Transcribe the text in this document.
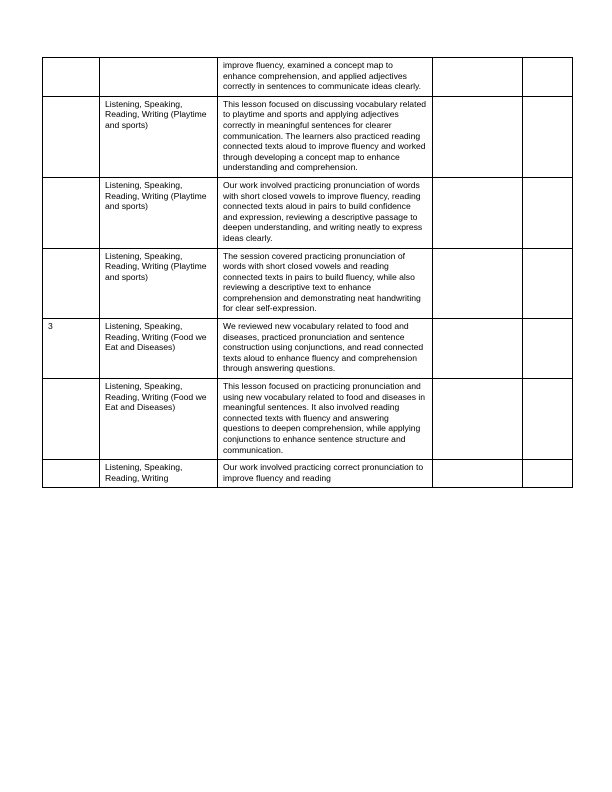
		improve fluency, examined a concept map to enhance comprehension, and applied adjectives correctly in sentences to communicate ideas clearly.		
	Listening, Speaking, Reading, Writing (Playtime and sports)	This lesson focused on discussing vocabulary related to playtime and sports and applying adjectives correctly in meaningful sentences for clearer communication. The learners also practiced reading connected texts aloud to improve fluency and worked through developing a concept map to enhance understanding and comprehension.		
	Listening, Speaking, Reading, Writing (Playtime and sports)	Our work involved practicing pronunciation of words with short closed vowels to improve fluency, reading connected texts aloud in pairs to build confidence and expression, reviewing a descriptive passage to deepen understanding, and writing neatly to express ideas clearly.		
	Listening, Speaking, Reading, Writing (Playtime and sports)	The session covered practicing pronunciation of words with short closed vowels and reading connected texts in pairs to build fluency, while also reviewing a descriptive text to enhance comprehension and demonstrating neat handwriting for clear self-expression.		
3	Listening, Speaking, Reading, Writing (Food we Eat and Diseases)	We reviewed new vocabulary related to food and diseases, practiced pronunciation and sentence construction using conjunctions, and read connected texts aloud to enhance fluency and comprehension through answering questions.		
	Listening, Speaking, Reading, Writing (Food we Eat and Diseases)	This lesson focused on practicing pronunciation and using new vocabulary related to food and diseases in meaningful sentences. It also involved reading connected texts with fluency and answering questions to deepen comprehension, while applying conjunctions to enhance sentence structure and communication.		
	Listening, Speaking, Reading, Writing	Our work involved practicing correct pronunciation to improve fluency and reading		
